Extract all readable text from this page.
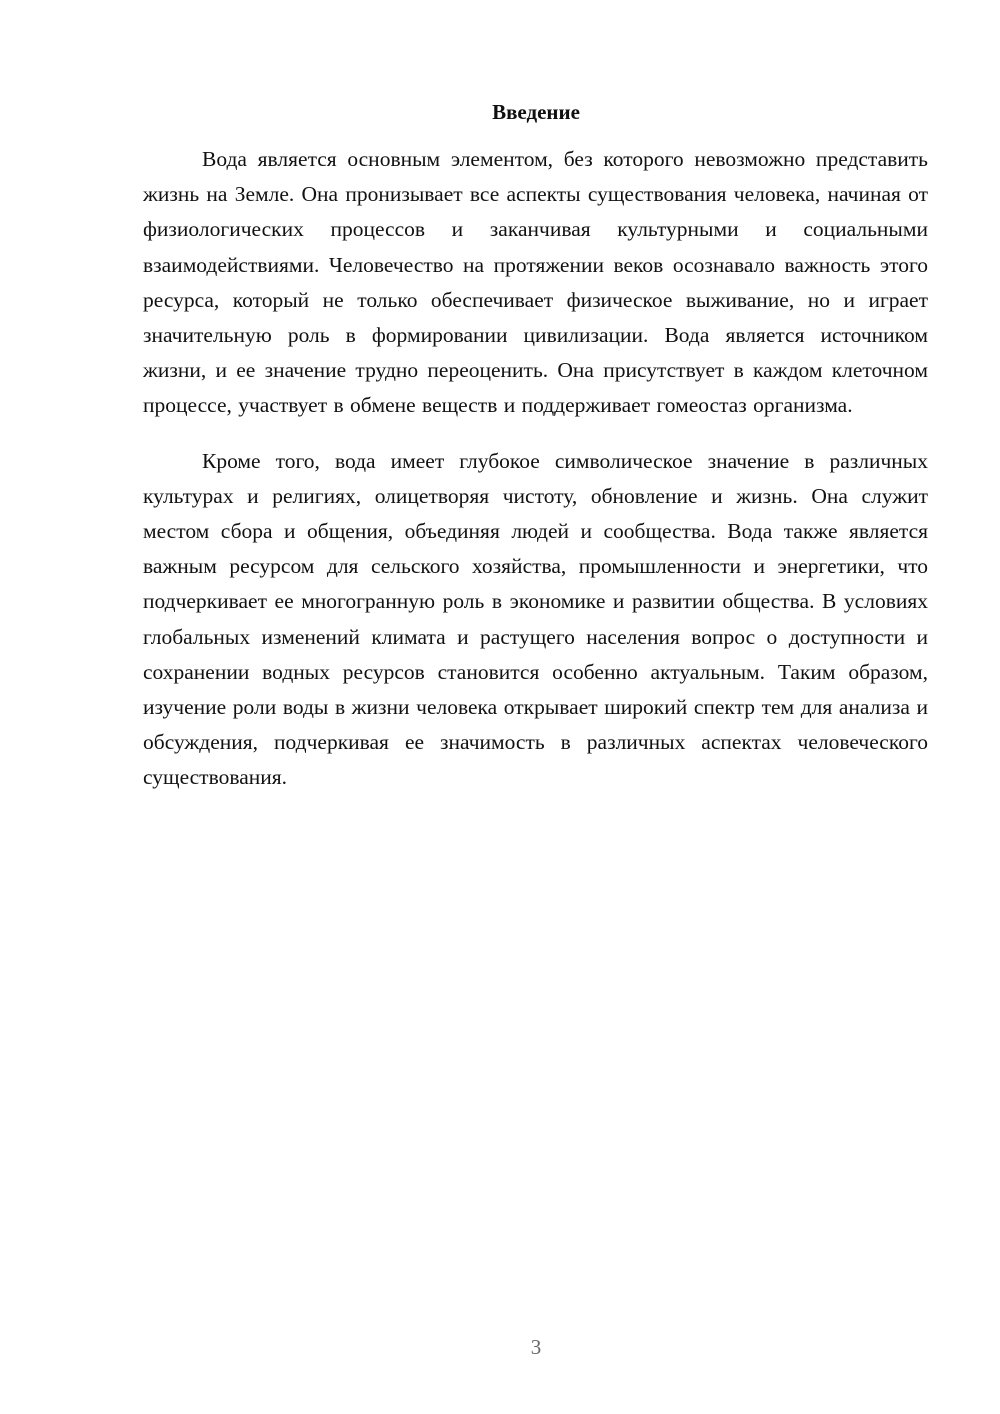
Введение

Вода является основным элементом, без которого невозможно представить жизнь на Земле. Она пронизывает все аспекты существования человека, начиная от физиологических процессов и заканчивая культурными и социальными взаимодействиями. Человечество на протяжении веков осознавало важность этого ресурса, который не только обеспечивает физическое выживание, но и играет значительную роль в формировании цивилизации. Вода является источником жизни, и ее значение трудно переоценить. Она присутствует в каждом клеточном процессе, участвует в обмене веществ и поддерживает гомеостаз организма.

Кроме того, вода имеет глубокое символическое значение в различных культурах и религиях, олицетворяя чистоту, обновление и жизнь. Она служит местом сбора и общения, объединяя людей и сообщества. Вода также является важным ресурсом для сельского хозяйства, промышленности и энергетики, что подчеркивает ее многогранную роль в экономике и развитии общества. В условиях глобальных изменений климата и растущего населения вопрос о доступности и сохранении водных ресурсов становится особенно актуальным. Таким образом, изучение роли воды в жизни человека открывает широкий спектр тем для анализа и обсуждения, подчеркивая ее значимость в различных аспектах человеческого существования.

3
